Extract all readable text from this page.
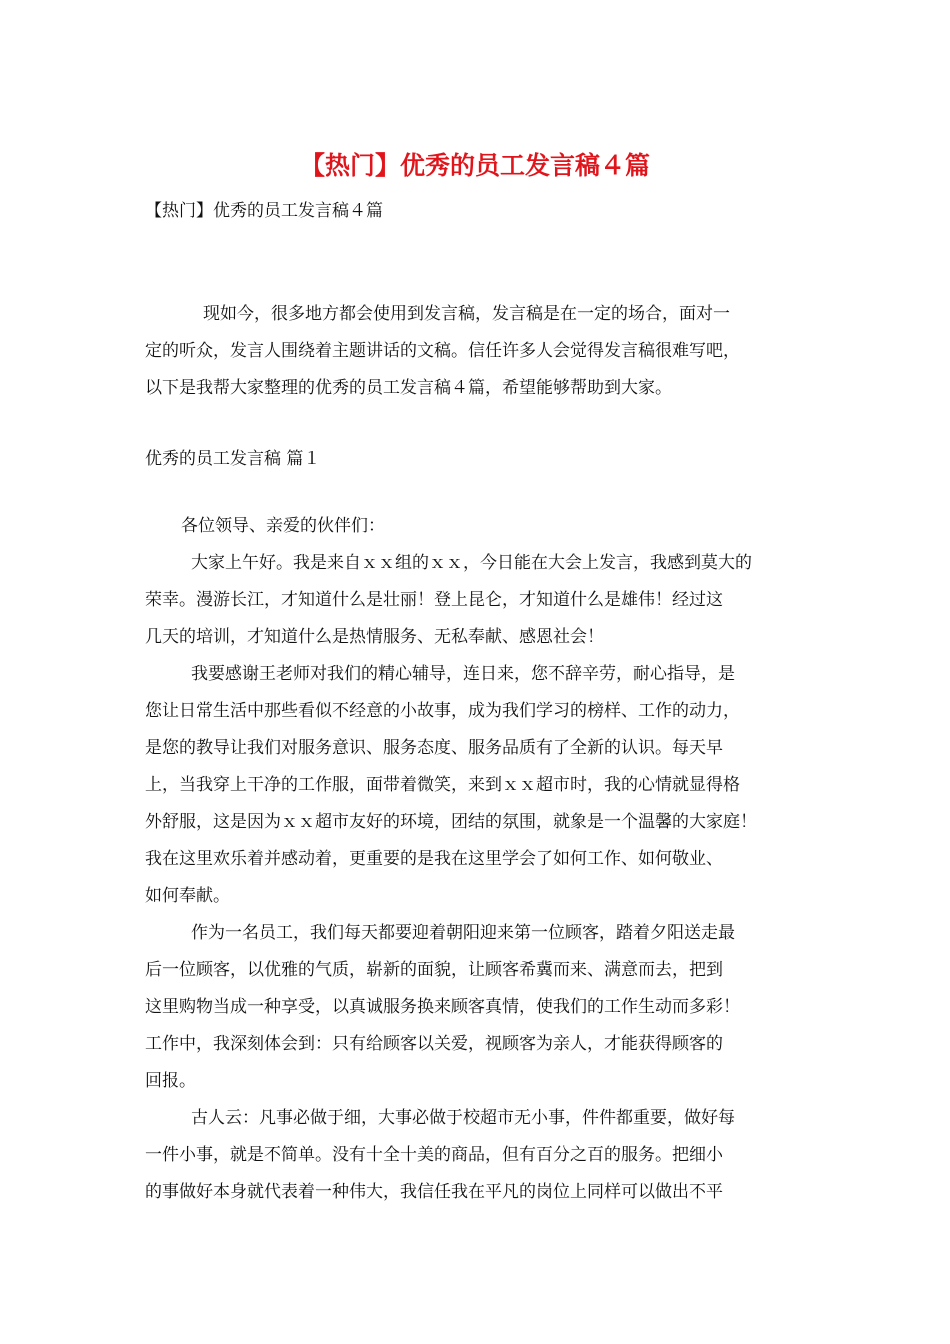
【热门】优秀的员工发言稿４篇
【热门】优秀的员工发言稿４篇
现如今，很多地方都会使用到发言稿，发言稿是在一定的场合，面对一
定的听众，发言人围绕着主题讲话的文稿。信任许多人会觉得发言稿很难写吧，
以下是我帮大家整理的优秀的员工发言稿４篇，希望能够帮助到大家。
优秀的员工发言稿 篇１
各位领导、亲爱的伙伴们：
大家上午好。我是来自ｘｘ组的ｘｘ，今日能在大会上发言，我感到莫大的
荣幸。漫游长江，才知道什么是壮丽！登上昆仑，才知道什么是雄伟！经过这
几天的培训，才知道什么是热情服务、无私奉献、感恩社会！
我要感谢王老师对我们的精心辅导，连日来，您不辞辛劳，耐心指导，是
您让日常生活中那些看似不经意的小故事，成为我们学习的榜样、工作的动力，
是您的教导让我们对服务意识、服务态度、服务品质有了全新的认识。每天早
上，当我穿上干净的工作服，面带着微笑，来到ｘｘ超市时，我的心情就显得格
外舒服，这是因为ｘｘ超市友好的环境，团结的氛围，就象是一个温馨的大家庭！
我在这里欢乐着并感动着，更重要的是我在这里学会了如何工作、如何敬业、
如何奉献。
作为一名员工，我们每天都要迎着朝阳迎来第一位顾客，踏着夕阳送走最
后一位顾客，以优雅的气质，崭新的面貌，让顾客希冀而来、满意而去，把到
这里购物当成一种享受，以真诚服务换来顾客真情，使我们的工作生动而多彩！
工作中，我深刻体会到：只有给顾客以关爱，视顾客为亲人，才能获得顾客的
回报。
古人云：凡事必做于细，大事必做于校超市无小事，件件都重要，做好每
一件小事，就是不简单。没有十全十美的商品，但有百分之百的服务。把细小
的事做好本身就代表着一种伟大，我信任我在平凡的岗位上同样可以做出不平
